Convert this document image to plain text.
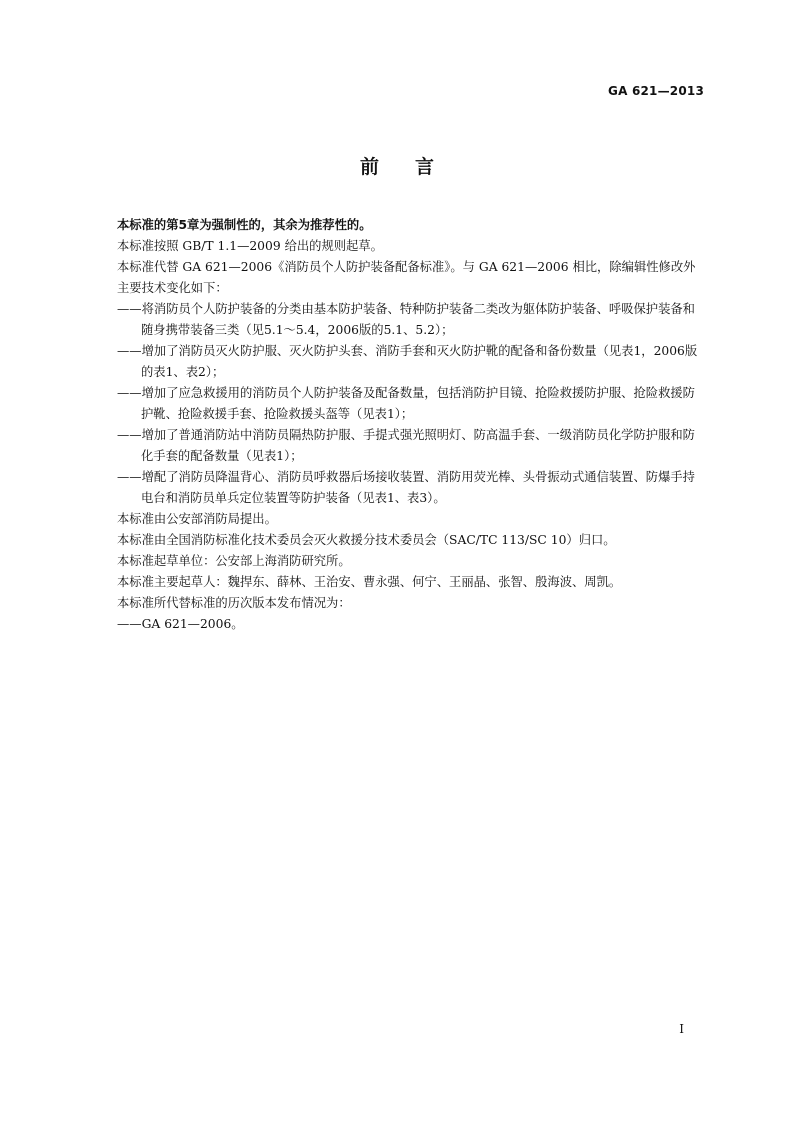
GA 621—2013
前言

本标准的第5章为强制性的，其余为推荐性的。

本标准按照 GB/T 1.1—2009 给出的规则起草。

本标准代替 GA 621—2006《消防员个人防护装备配备标准》。与 GA 621—2006 相比，除编辑性修改外主要技术变化如下：

——将消防员个人防护装备的分类由基本防护装备、特种防护装备二类改为躯体防护装备、呼吸保护装备和随身携带装备三类（见5.1～5.4，2006版的5.1、5.2）；

——增加了消防员灭火防护服、灭火防护头套、消防手套和灭火防护靴的配备和备份数量（见表1，2006版的表1、表2）；

——增加了应急救援用的消防员个人防护装备及配备数量，包括消防护目镜、抢险救援防护服、抢险救援防护靴、抢险救援手套、抢险救援头盔等（见表1）；

——增加了普通消防站中消防员隔热防护服、手提式强光照明灯、防高温手套、一级消防员化学防护服和防化手套的配备数量（见表1）；

——增配了消防员降温背心、消防员呼救器后场接收装置、消防用荧光棒、头骨振动式通信装置、防爆手持电台和消防员单兵定位装置等防护装备（见表1、表3）。

本标准由公安部消防局提出。

本标准由全国消防标准化技术委员会灭火救援分技术委员会（SAC/TC 113/SC 10）归口。

本标准起草单位：公安部上海消防研究所。

本标准主要起草人：魏捍东、薛林、王治安、曹永强、何宁、王丽晶、张智、殷海波、周凯。

本标准所代替标准的历次版本发布情况为：

——GA 621—2006。

I
